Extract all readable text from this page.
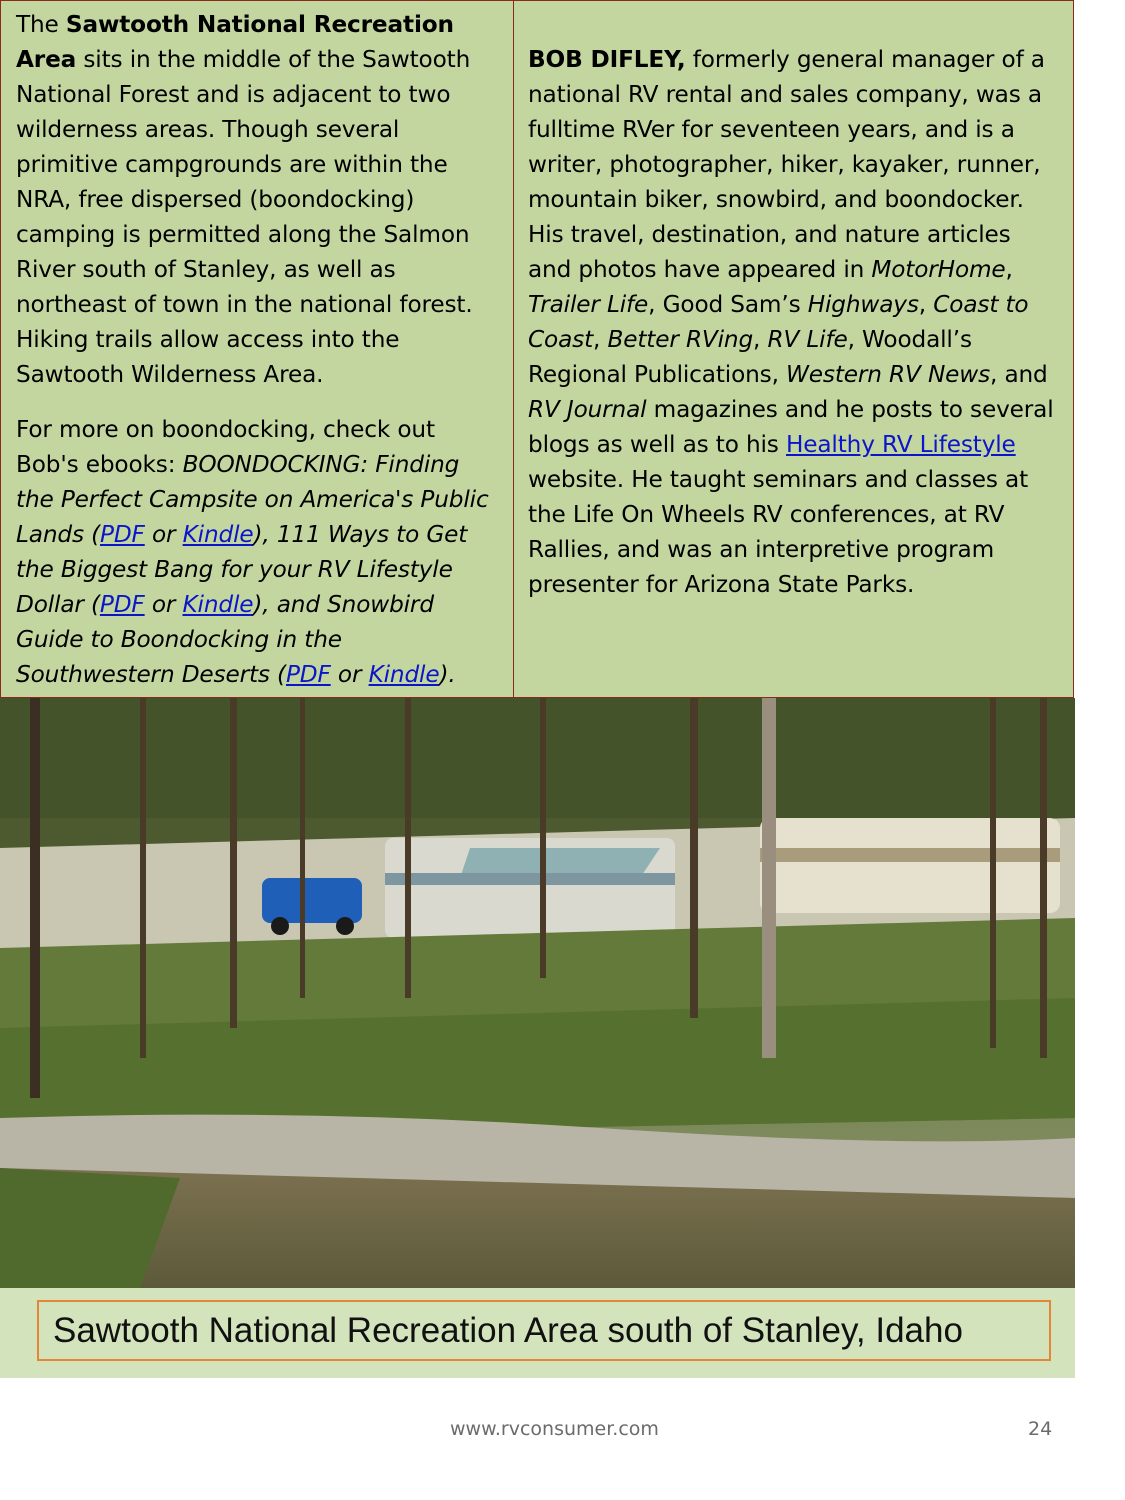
The Sawtooth National Recreation Area sits in the middle of the Sawtooth National Forest and is adjacent to two wilderness areas. Though several primitive campgrounds are within the NRA, free dispersed (boondocking) camping is permitted along the Salmon River south of Stanley, as well as northeast of town in the national forest. Hiking trails allow access into the Sawtooth Wilderness Area.

For more on boondocking, check out Bob's ebooks: BOONDOCKING: Finding the Perfect Campsite on America's Public Lands (PDF or Kindle), 111 Ways to Get the Biggest Bang for your RV Lifestyle Dollar (PDF or Kindle), and Snowbird Guide to Boondocking in the Southwestern Deserts (PDF or Kindle).

BOB DIFLEY, formerly general manager of a national RV rental and sales company, was a fulltime RVer for seventeen years, and is a writer, photographer, hiker, kayaker, runner, mountain biker, snowbird, and boondocker. His travel, destination, and nature articles and photos have appeared in MotorHome, Trailer Life, Good Sam’s Highways, Coast to Coast, Better RVing, RV Life, Woodall’s Regional Publications, Western RV News, and RV Journal magazines and he posts to several blogs as well as to his Healthy RV Lifestyle website. He taught seminars and classes at the Life On Wheels RV conferences, at RV Rallies, and was an interpretive program presenter for Arizona State Parks.

Sawtooth National Recreation Area south of Stanley, Idaho
www.rvconsumer.com	24
